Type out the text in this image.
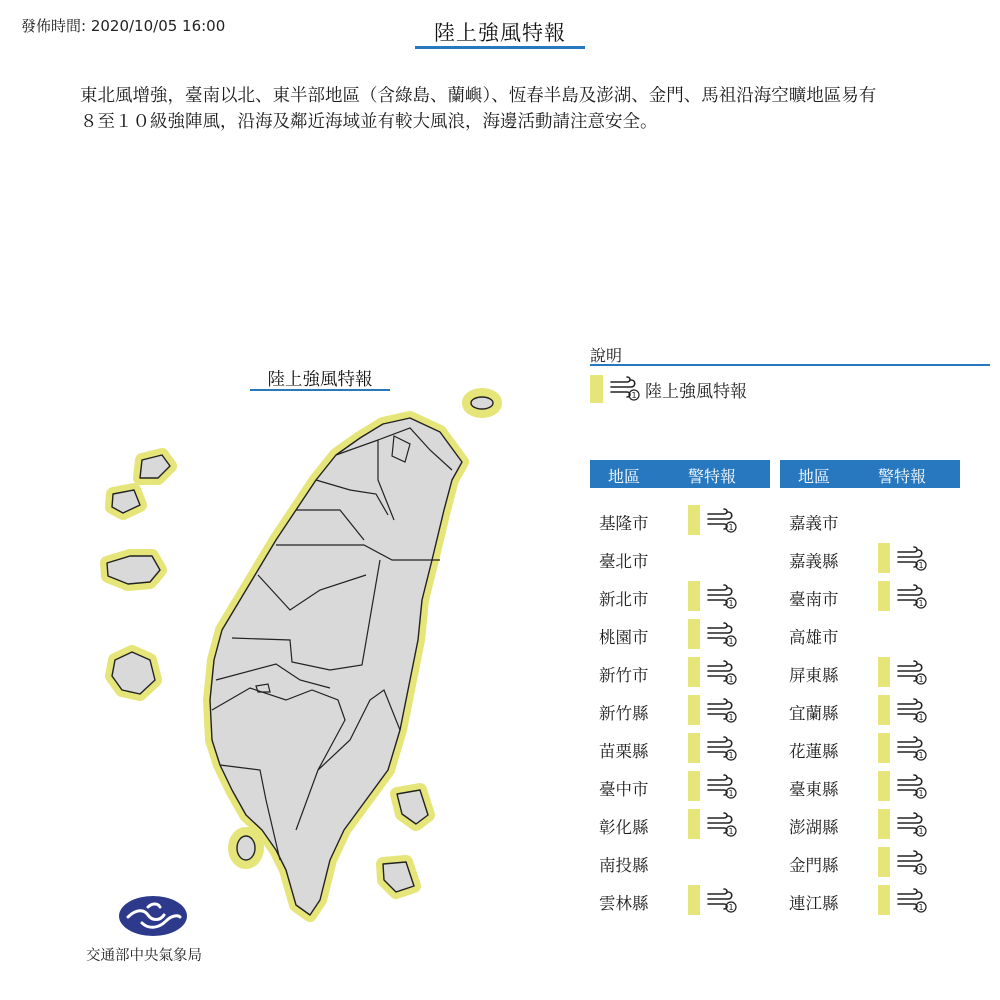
發佈時間: 2020/10/05 16:00	陸上強風特報
東北風增強，臺南以北、東半部地區（含綠島、蘭嶼）、恆春半島及澎湖、金門、馬祖沿海空曠地區易有
８至１０級強陣風，沿海及鄰近海域並有較大風浪，海邊活動請注意安全。
陸上強風特報
說明
1 陸上強風特報
地區	警特報
基隆市	1
臺北市
新北市	1
桃園市	1
新竹市	1
新竹縣	1
苗栗縣	1
臺中市	1
彰化縣	1
南投縣
雲林縣	1
地區	警特報
嘉義市
嘉義縣	1
臺南市	1
高雄市
屏東縣	1
宜蘭縣	1
花蓮縣	1
臺東縣	1
澎湖縣	1
金門縣	1
連江縣	1
交通部中央氣象局
